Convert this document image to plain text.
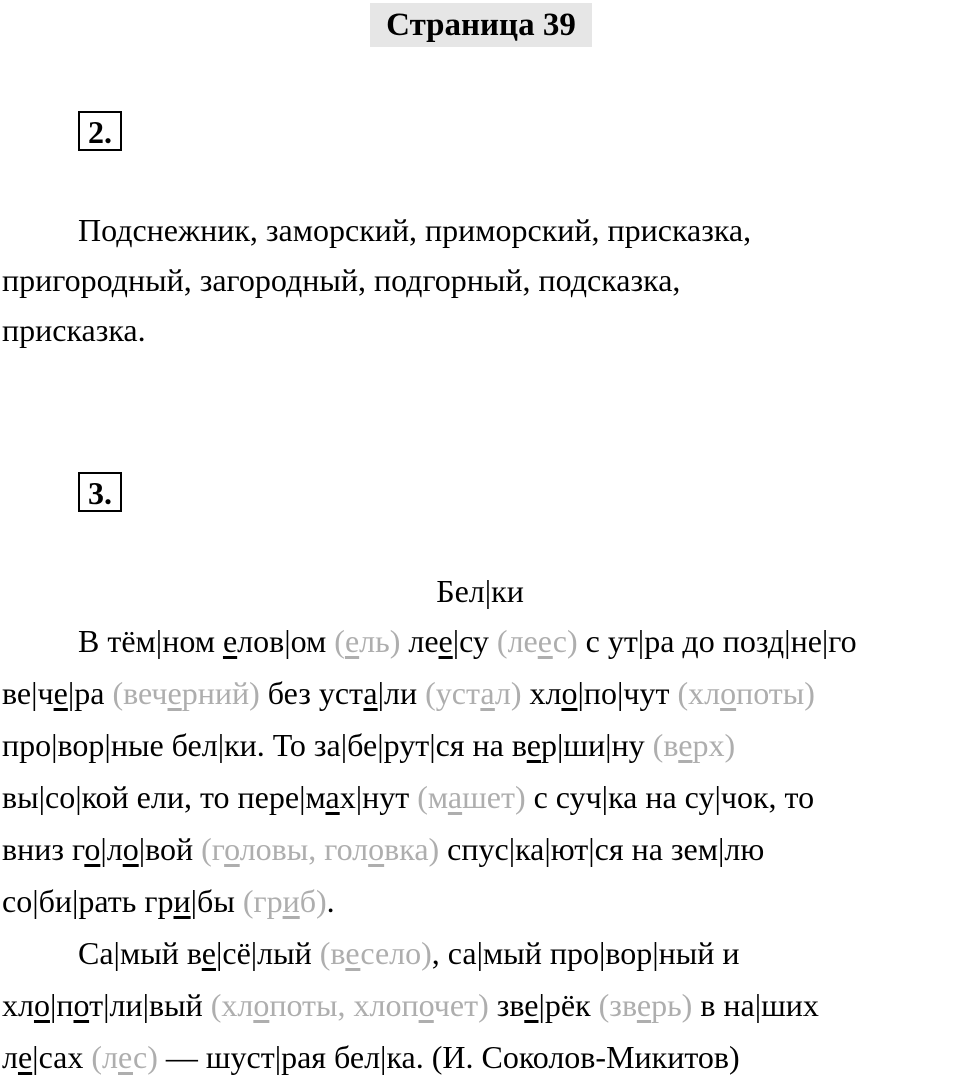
Страница 39
2.
Подснежник, заморский, приморский, присказка,
пригородный, загородный, подгорный, подсказка,
присказка.
3.
Бел|ки
В тём|ном елов|ом (ель) лее|су (леес) с ут|ра до позд|не|го
ве|че|ра (вечерний) без уста|ли (устал) хло|по|чут (хлопоты)
про|вор|ные бел|ки. То за|бе|рут|ся на вер|ши|ну (верх)
вы|со|кой ели, то пере|мах|нут (машет) с суч|ка на су|чок, то
вниз го|ло|вой (головы, головка) спус|ка|ют|ся на зем|лю
со|би|рать гри|бы (гриб).
Са|мый ве|сё|лый (весело), са|мый про|вор|ный и
хло|пот|ли|вый (хлопоты, хлопочет) зве|рёк (зверь) в на|ших
ле|сах (лес) — шуст|рая бел|ка. (И. Соколов-Микитов)
